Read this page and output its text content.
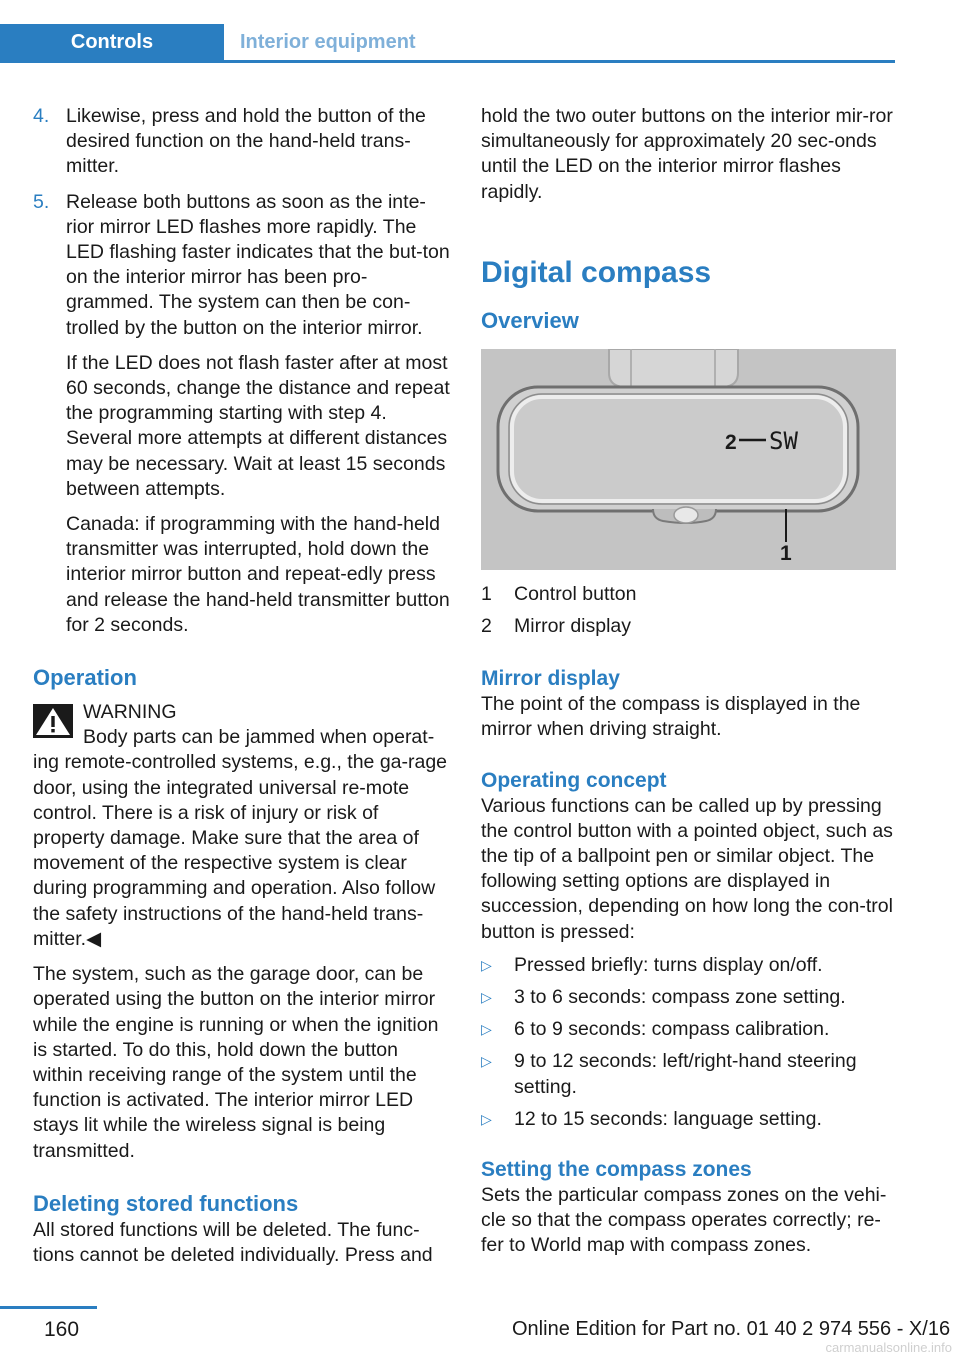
Controls	Interior equipment
4. Likewise, press and hold the button of the desired function on the hand-held trans-mitter.

5. Release both buttons as soon as the inte-rior mirror LED flashes more rapidly. The LED flashing faster indicates that the but-ton on the interior mirror has been pro-grammed. The system can then be con-trolled by the button on the interior mirror.

If the LED does not flash faster after at most 60 seconds, change the distance and repeat the programming starting with step 4. Several more attempts at different distances may be necessary. Wait at least 15 seconds between attempts.

Canada: if programming with the hand-held transmitter was interrupted, hold down the interior mirror button and repeat-edly press and release the hand-held transmitter button for 2 seconds.

Operation
WARNING
Body parts can be jammed when operat-ing remote-controlled systems, e.g., the ga-rage door, using the integrated universal re-mote control. There is a risk of injury or risk of property damage. Make sure that the area of movement of the respective system is clear during programming and operation. Also follow the safety instructions of the hand-held trans-mitter.◀

The system, such as the garage door, can be operated using the button on the interior mirror while the engine is running or when the ignition is started. To do this, hold down the button within receiving range of the system until the function is activated. The interior mirror LED stays lit while the wireless signal is being transmitted.

Deleting stored functions

All stored functions will be deleted. The func-tions cannot be deleted individually. Press and

hold the two outer buttons on the interior mir-ror simultaneously for approximately 20 sec-onds until the LED on the interior mirror flashes rapidly.

Digital compass
Overview
2 SW
1
1 Control button
2 Mirror display
Mirror display

The point of the compass is displayed in the mirror when driving straight.

Operating concept

Various functions can be called up by pressing the control button with a pointed object, such as the tip of a ballpoint pen or similar object. The following setting options are displayed in succession, depending on how long the con-trol button is pressed:

▷ Pressed briefly: turns display on/off.
▷ 3 to 6 seconds: compass zone setting.
▷ 6 to 9 seconds: compass calibration.
▷ 9 to 12 seconds: left/right-hand steering setting.
▷ 12 to 15 seconds: language setting.
Setting the compass zones

Sets the particular compass zones on the vehi-cle so that the compass operates correctly; re-fer to World map with compass zones.

160	Online Edition for Part no. 01 40 2 974 556 - X/16
carmanualsonline.info
